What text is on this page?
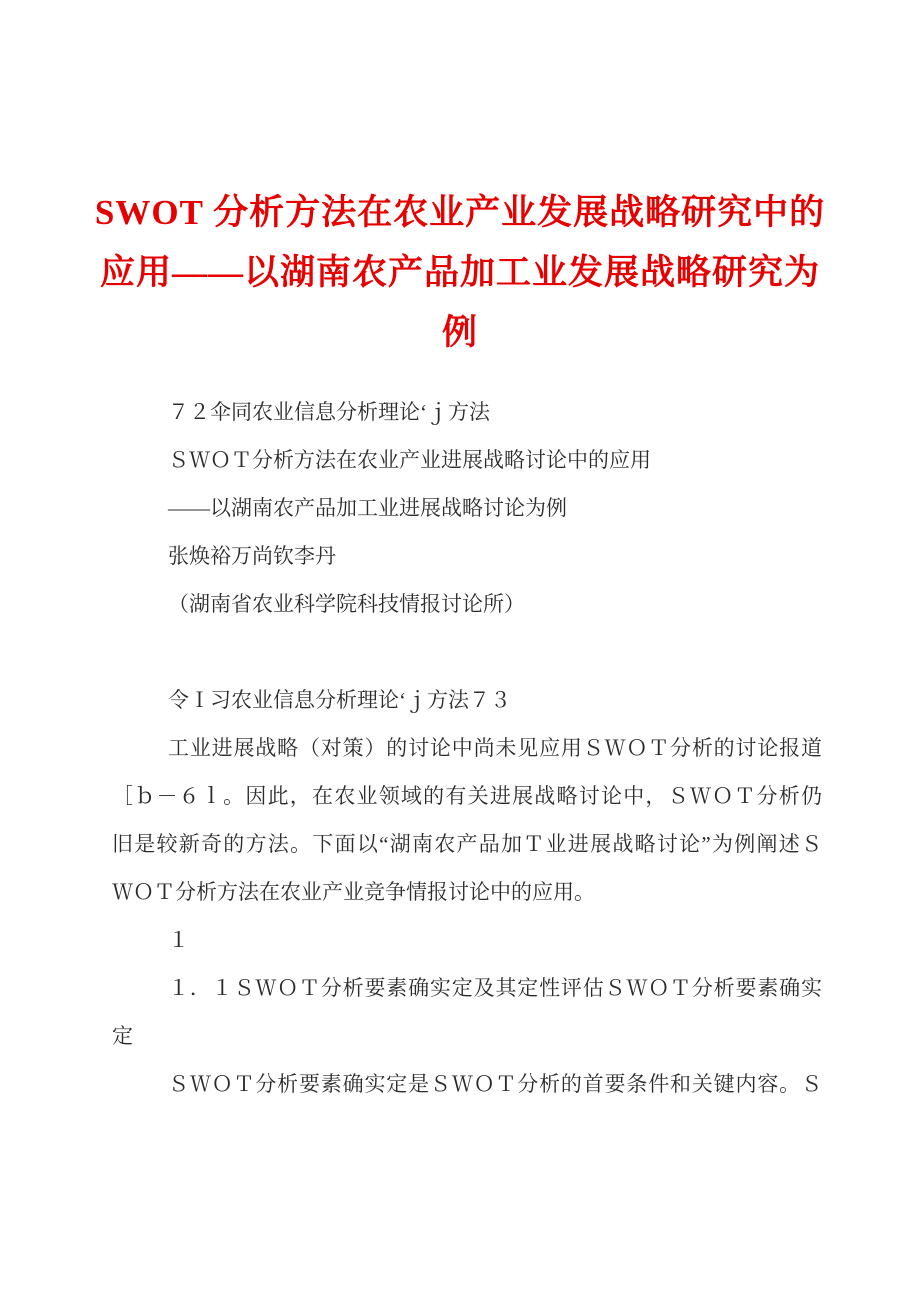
SWOT 分析方法在农业产业发展战略研究中的
应用——以湖南农产品加工业发展战略研究为
例

７２伞同农业信息分析理论‘ｊ方法

ＳＷＯＴ分析方法在农业产业进展战略讨论中的应用

——以湖南农产品加工业进展战略讨论为例

张焕裕万尚钦李丹

（湖南省农业科学院科技情报讨论所）

令Ｉ习农业信息分析理论‘ｊ方法７３

工业进展战略（对策）的讨论中尚未见应用ＳＷＯＴ分析的讨论报道

［ｂ－６ｌ。因此，在农业领域的有关进展战略讨论中，ＳＷＯＴ分析仍

旧是较新奇的方法。下面以“湖南农产品加Ｔ业进展战略讨论”为例阐述Ｓ

ＷＯＴ分析方法在农业产业竞争情报讨论中的应用。

１

１．１ＳＷＯＴ分析要素确实定及其定性评估ＳＷＯＴ分析要素确实

定

ＳＷＯＴ分析要素确实定是ＳＷＯＴ分析的首要条件和关键内容。Ｓ
